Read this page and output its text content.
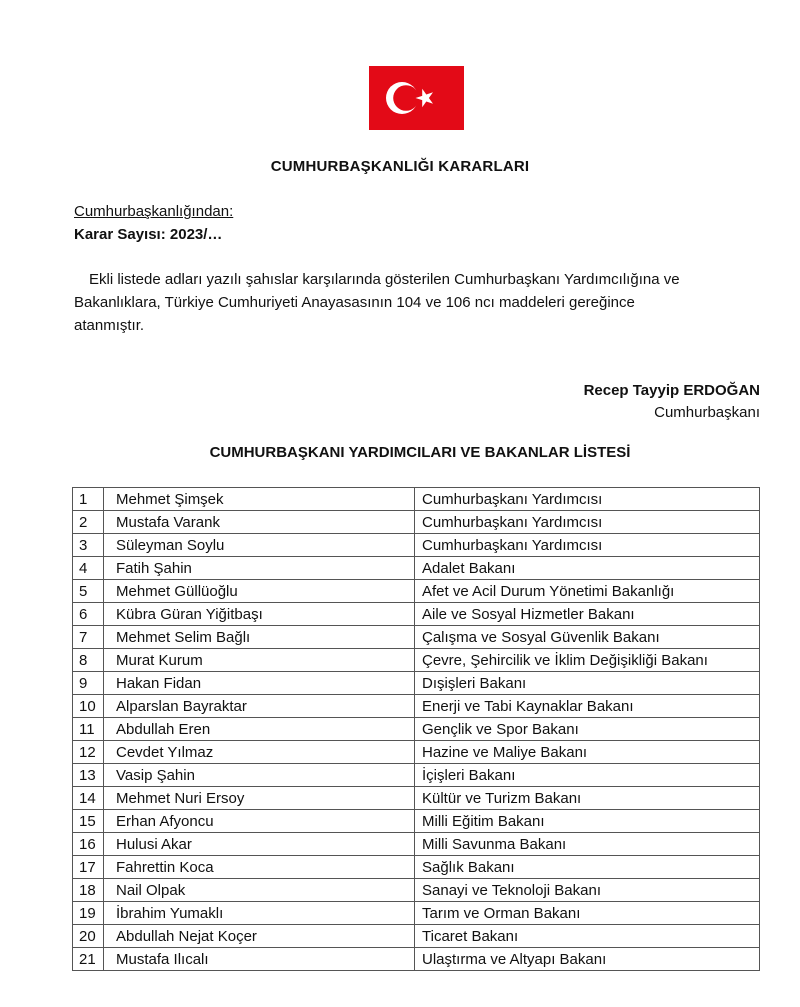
CUMHURBAŞKANLIĞI KARARLARI
Cumhurbaşkanlığından:
Karar Sayısı: 2023/…

Ekli listede adları yazılı şahıslar karşılarında gösterilen Cumhurbaşkanı Yardımcılığına ve
Bakanlıklara, Türkiye Cumhuriyeti Anayasasının 104 ve 106 ncı maddeleri gereğince
atanmıştır.

Recep Tayyip ERDOĞAN
Cumhurbaşkanı
CUMHURBAŞKANI YARDIMCILARI VE BAKANLAR LİSTESİ
1	Mehmet Şimşek	Cumhurbaşkanı Yardımcısı
2	Mustafa Varank	Cumhurbaşkanı Yardımcısı
3	Süleyman Soylu	Cumhurbaşkanı Yardımcısı
4	Fatih Şahin	Adalet Bakanı
5	Mehmet Güllüoğlu	Afet ve Acil Durum Yönetimi Bakanlığı
6	Kübra Güran Yiğitbaşı	Aile ve Sosyal Hizmetler Bakanı
7	Mehmet Selim Bağlı	Çalışma ve Sosyal Güvenlik Bakanı
8	Murat Kurum	Çevre, Şehircilik ve İklim Değişikliği Bakanı
9	Hakan Fidan	Dışişleri Bakanı
10	Alparslan Bayraktar	Enerji ve Tabi Kaynaklar Bakanı
11	Abdullah Eren	Gençlik ve Spor Bakanı
12	Cevdet Yılmaz	Hazine ve Maliye Bakanı
13	Vasip Şahin	İçişleri Bakanı
14	Mehmet Nuri Ersoy	Kültür ve Turizm Bakanı
15	Erhan Afyoncu	Milli Eğitim Bakanı
16	Hulusi Akar	Milli Savunma Bakanı
17	Fahrettin Koca	Sağlık Bakanı
18	Nail Olpak	Sanayi ve Teknoloji Bakanı
19	İbrahim Yumaklı	Tarım ve Orman Bakanı
20	Abdullah Nejat Koçer	Ticaret Bakanı
21	Mustafa Ilıcalı	Ulaştırma ve Altyapı Bakanı
